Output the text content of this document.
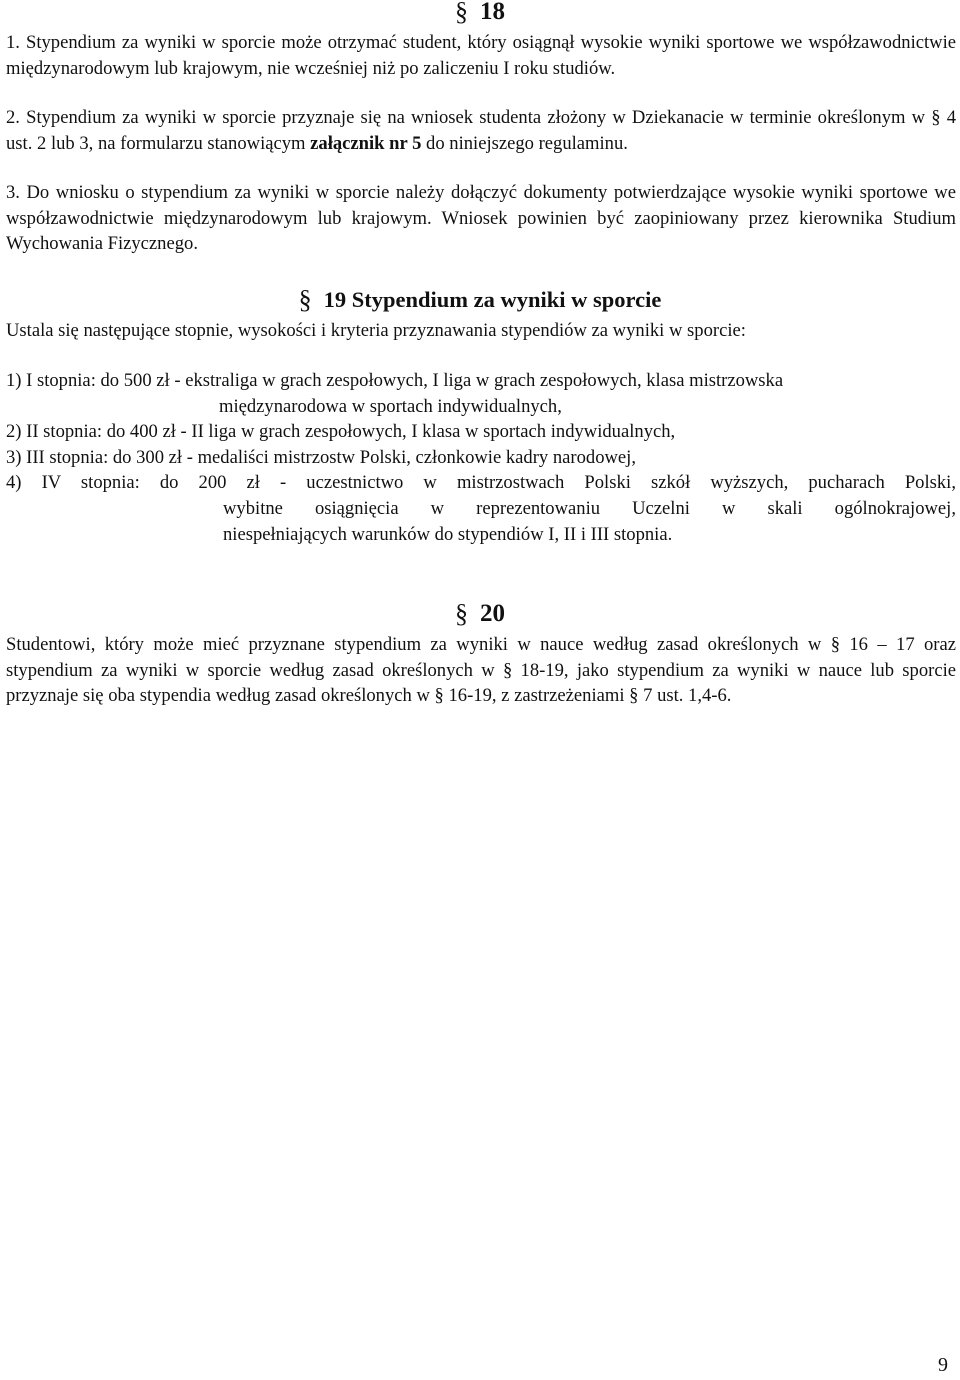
§ 18
1. Stypendium za wyniki w sporcie może otrzymać student, który osiągnął wysokie wyniki sportowe we współzawodnictwie międzynarodowym lub krajowym, nie wcześniej niż po zaliczeniu I roku studiów.
2. Stypendium za wyniki w sporcie przyznaje się na wniosek studenta złożony w Dziekanacie w terminie określonym w § 4 ust. 2 lub 3, na formularzu stanowiącym załącznik nr 5 do niniejszego regulaminu.
3. Do wniosku o stypendium za wyniki w sporcie należy dołączyć dokumenty potwierdzające wysokie wyniki sportowe we współzawodnictwie międzynarodowym lub krajowym. Wniosek powinien być zaopiniowany przez kierownika Studium Wychowania Fizycznego.
§ 19 Stypendium za wyniki w sporcie
Ustala się następujące stopnie, wysokości i kryteria przyznawania stypendiów za wyniki w sporcie:
1) I stopnia: do 500 zł - ekstraliga w grach zespołowych, I liga w grach zespołowych, klasa mistrzowska
międzynarodowa w sportach indywidualnych,
2) II stopnia: do 400 zł - II liga w grach zespołowych, I klasa w sportach indywidualnych,
3) III stopnia: do 300 zł - medaliści mistrzostw Polski, członkowie kadry narodowej,
4) IV stopnia: do 200 zł - uczestnictwo w mistrzostwach Polski szkół wyższych, pucharach Polski,
wybitne osiągnięcia w reprezentowaniu Uczelni w skali ogólnokrajowej,
niespełniających warunków do stypendiów I, II i III stopnia.
§ 20
Studentowi, który może mieć przyznane stypendium za wyniki w nauce według zasad określonych w § 16 – 17 oraz stypendium za wyniki w sporcie według zasad określonych w § 18-19, jako stypendium za wyniki w nauce lub sporcie przyznaje się oba stypendia według zasad określonych w § 16-19, z zastrzeżeniami § 7 ust. 1,4-6.
9
